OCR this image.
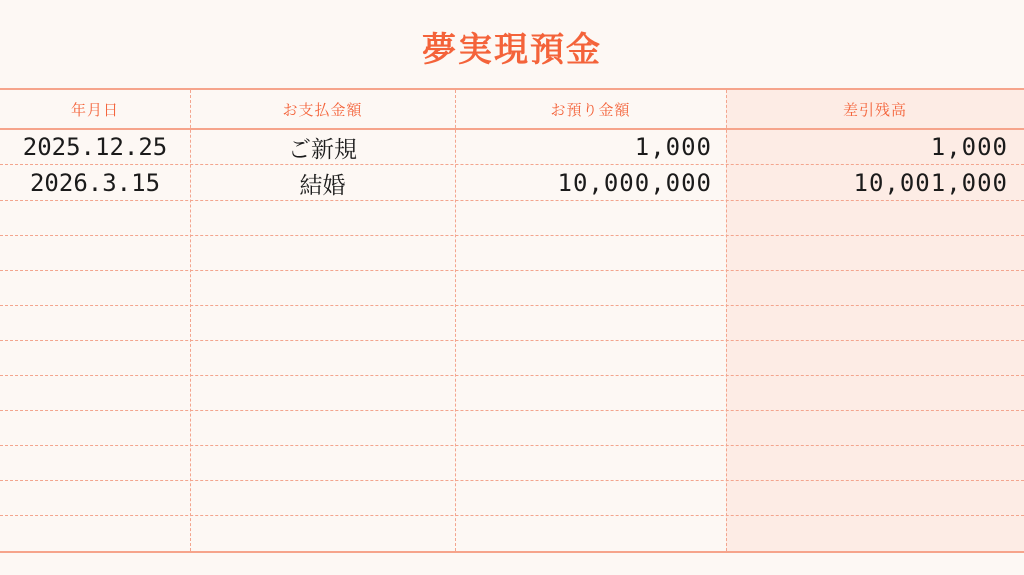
夢実現預金
年月日	お支払金額	お預り金額	差引残高
2025.12.25	ご新規	1,000	1,000
2026.3.15	結婚	10,000,000	10,001,000
